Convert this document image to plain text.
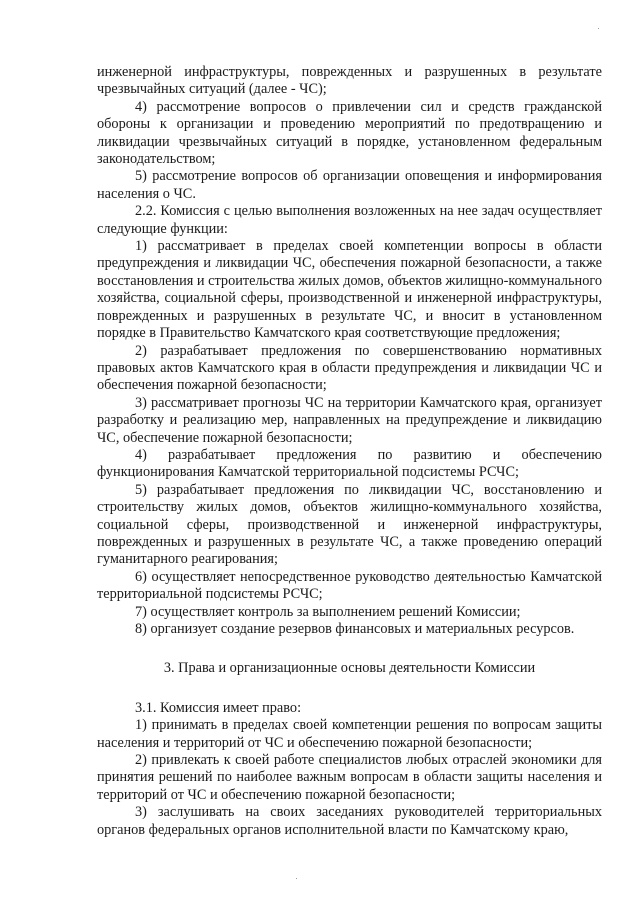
инженерной инфраструктуры, поврежденных и разрушенных в результате чрезвычайных ситуаций (далее - ЧС);

4) рассмотрение вопросов о привлечении сил и средств гражданской обороны к организации и проведению мероприятий по предотвращению и ликвидации чрезвычайных ситуаций в порядке, установленном федеральным законодательством;

5) рассмотрение вопросов об организации оповещения и информирования населения о ЧС.

2.2. Комиссия с целью выполнения возложенных на нее задач осуществляет следующие функции:

1) рассматривает в пределах своей компетенции вопросы в области предупреждения и ликвидации ЧС, обеспечения пожарной безопасности, а также восстановления и строительства жилых домов, объектов жилищно-коммунального хозяйства, социальной сферы, производственной и инженерной инфраструктуры, поврежденных и разрушенных в результате ЧС, и вносит в установленном порядке в Правительство Камчатского края соответствующие предложения;

2) разрабатывает предложения по совершенствованию нормативных правовых актов Камчатского края в области предупреждения и ликвидации ЧС и обеспечения пожарной безопасности;

3) рассматривает прогнозы ЧС на территории Камчатского края, организует разработку и реализацию мер, направленных на предупреждение и ликвидацию ЧС, обеспечение пожарной безопасности;

4) разрабатывает предложения по развитию и обеспечению функционирования Камчатской территориальной подсистемы РСЧС;

5) разрабатывает предложения по ликвидации ЧС, восстановлению и строительству жилых домов, объектов жилищно-коммунального хозяйства, социальной сферы, производственной и инженерной инфраструктуры, поврежденных и разрушенных в результате ЧС, а также проведению операций гуманитарного реагирования;

6) осуществляет непосредственное руководство деятельностью Камчатской территориальной подсистемы РСЧС;

7) осуществляет контроль за выполнением решений Комиссии;

8) организует создание резервов финансовых и материальных ресурсов.

3. Права и организационные основы деятельности Комиссии

3.1. Комиссия имеет право:

1) принимать в пределах своей компетенции решения по вопросам защиты населения и территорий от ЧС и обеспечению пожарной безопасности;

2) привлекать к своей работе специалистов любых отраслей экономики для принятия решений по наиболее важным вопросам в области защиты населения и территорий от ЧС и обеспечению пожарной безопасности;

3) заслушивать на своих заседаниях руководителей территориальных органов федеральных органов исполнительной власти по Камчатскому краю,
